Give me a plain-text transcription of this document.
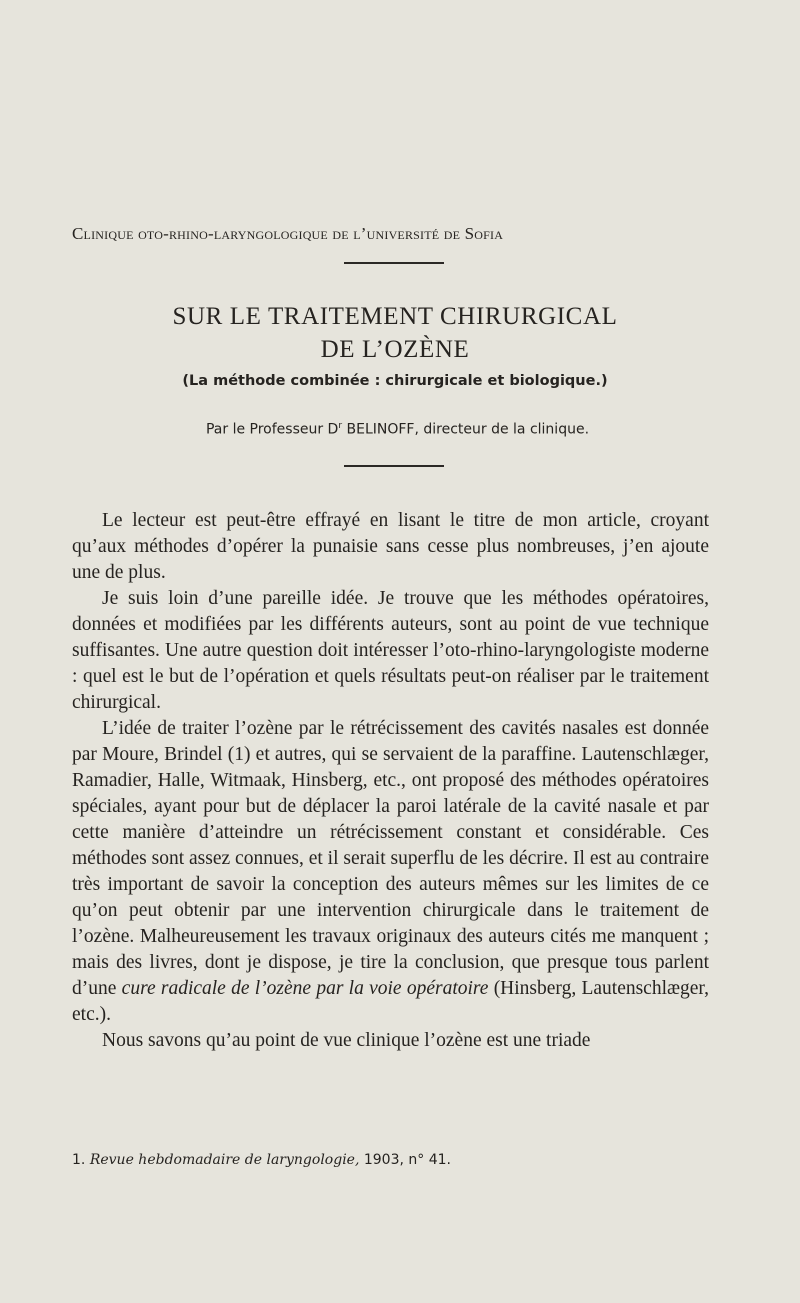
Clinique oto-rhino-laryngologique de l’université de Sofia
SUR LE TRAITEMENT CHIRURGICAL
DE L’OZÈNE
(La méthode combinée : chirurgicale et biologique.)
Par le Professeur $D^r$ BELINOFF, directeur de la clinique.

Le lecteur est peut-être effrayé en lisant le titre de mon article, croyant qu’aux méthodes d’opérer la punaisie sans cesse plus nombreuses, j’en ajoute une de plus.

Je suis loin d’une pareille idée. Je trouve que les méthodes opératoires, données et modifiées par les différents auteurs, sont au point de vue technique suffisantes. Une autre question doit intéresser l’oto-rhino-laryngologiste moderne : quel est le but de l’opération et quels résultats peut-on réaliser par le traitement chirurgical.

L’idée de traiter l’ozène par le rétrécissement des cavités nasales est donnée par Moure, Brindel (1) et autres, qui se servaient de la paraffine. Lautenschlæger, Ramadier, Halle, Witmaak, Hinsberg, etc., ont proposé des méthodes opératoires spéciales, ayant pour but de déplacer la paroi latérale de la cavité nasale et par cette manière d’atteindre un rétrécissement constant et considérable. Ces méthodes sont assez connues, et il serait superflu de les décrire. Il est au contraire très important de savoir la conception des auteurs mêmes sur les limites de ce qu’on peut obtenir par une intervention chirurgicale dans le traitement de l’ozène. Malheureusement les travaux originaux des auteurs cités me manquent ; mais des livres, dont je dispose, je tire la conclusion, que presque tous parlent d’une cure radicale de l’ozène par la voie opératoire (Hinsberg, Lautenschlæger, etc.).

Nous savons qu’au point de vue clinique l’ozène est une triade

1. Revue hebdomadaire de laryngologie, 1903, n° 41.
